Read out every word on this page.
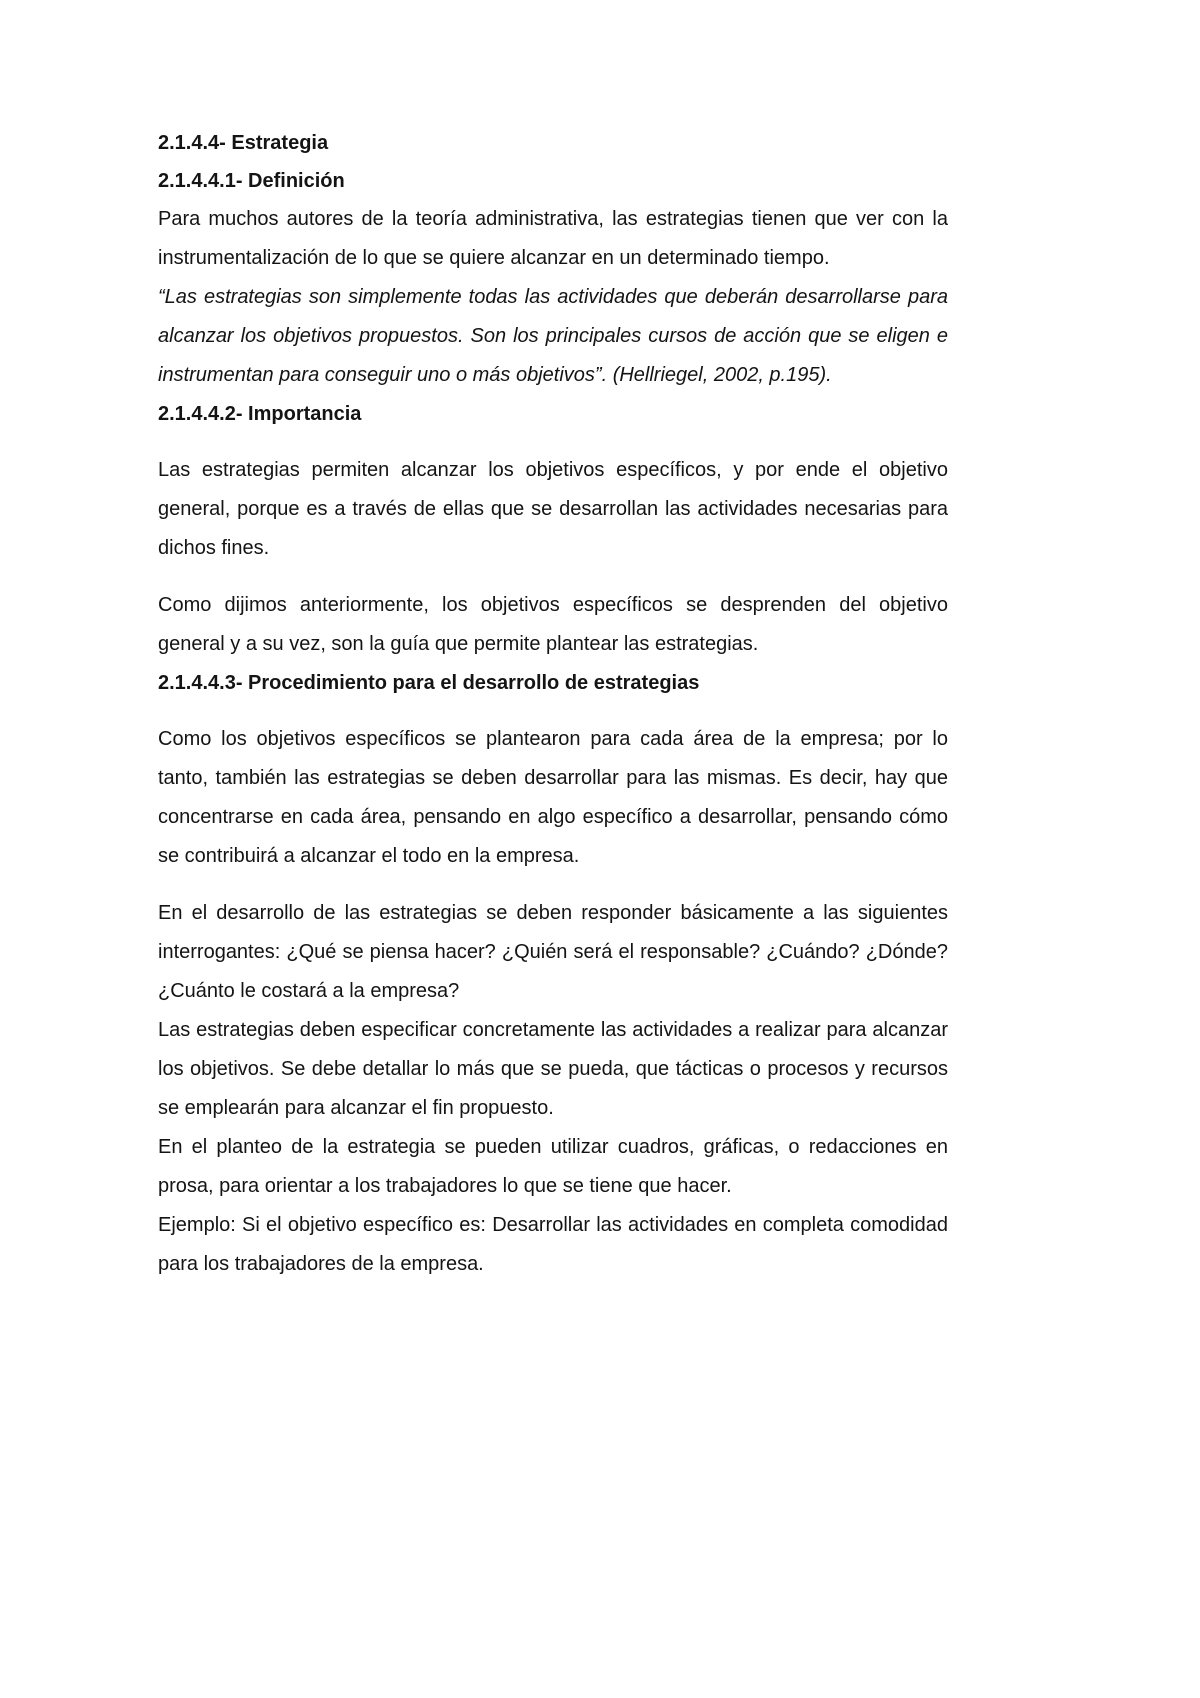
2.1.4.4- Estrategia

2.1.4.4.1- Definición

Para muchos autores de la teoría administrativa, las estrategias tienen que ver con la instrumentalización de lo que se quiere alcanzar en un determinado tiempo.

“Las estrategias son simplemente todas las actividades que deberán desarrollarse para alcanzar los objetivos propuestos. Son los principales cursos de acción que se eligen e instrumentan para conseguir uno o más objetivos”. (Hellriegel, 2002, p.195).

2.1.4.4.2- Importancia

Las estrategias permiten alcanzar los objetivos específicos, y por ende el objetivo general, porque es a través de ellas que se desarrollan las actividades necesarias para dichos fines.

Como dijimos anteriormente, los objetivos específicos se desprenden del objetivo general y a su vez, son la guía que permite plantear las estrategias.

2.1.4.4.3- Procedimiento para el desarrollo de estrategias

Como los objetivos específicos se plantearon para cada área de la empresa; por lo tanto, también las estrategias se deben desarrollar para las mismas. Es decir, hay que concentrarse en cada área, pensando en algo específico a desarrollar, pensando cómo se contribuirá a alcanzar el todo en la empresa.

En el desarrollo de las estrategias se deben responder básicamente a las siguientes interrogantes: ¿Qué se piensa hacer? ¿Quién será el responsable? ¿Cuándo? ¿Dónde? ¿Cuánto le costará a la empresa?

Las estrategias deben especificar concretamente las actividades a realizar para alcanzar los objetivos. Se debe detallar lo más que se pueda, que tácticas o procesos y recursos se emplearán para alcanzar el fin propuesto.

En el planteo de la estrategia se pueden utilizar cuadros, gráficas, o redacciones en prosa, para orientar a los trabajadores lo que se tiene que hacer.

Ejemplo: Si el objetivo específico es: Desarrollar las actividades en completa comodidad para los trabajadores de la empresa.
